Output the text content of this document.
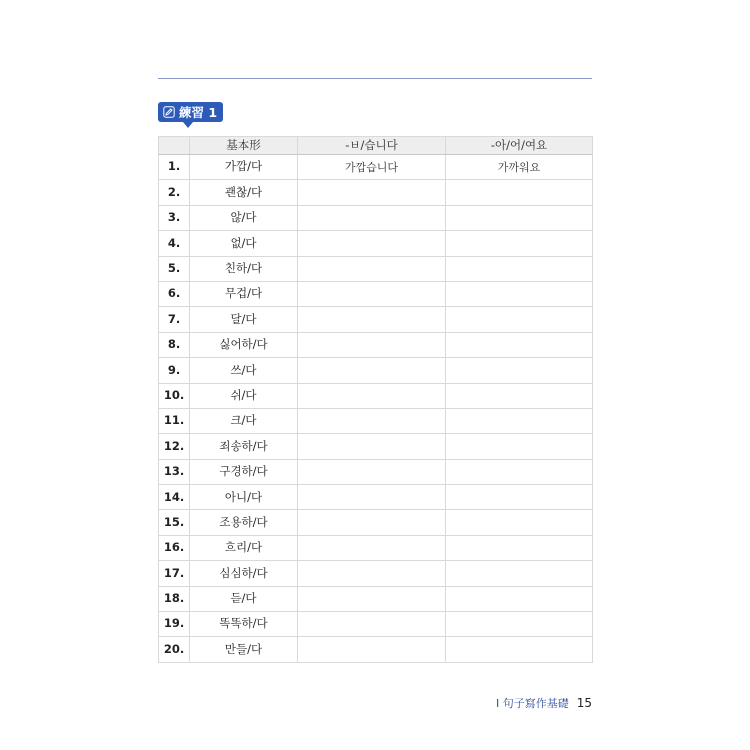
練習 1
	基本形	-ㅂ/습니다	-아/어/여요
1.	가깝/다	가깝습니다	가까워요
2.	괜찮/다		
3.	않/다		
4.	없/다		
5.	친하/다		
6.	무겁/다		
7.	달/다		
8.	싫어하/다		
9.	쓰/다		
10.	쉬/다		
11.	크/다		
12.	죄송하/다		
13.	구경하/다		
14.	아니/다		
15.	조용하/다		
16.	흐리/다		
17.	심심하/다		
18.	듣/다		
19.	똑똑하/다		
20.	만들/다		
I 句子寫作基礎 15
